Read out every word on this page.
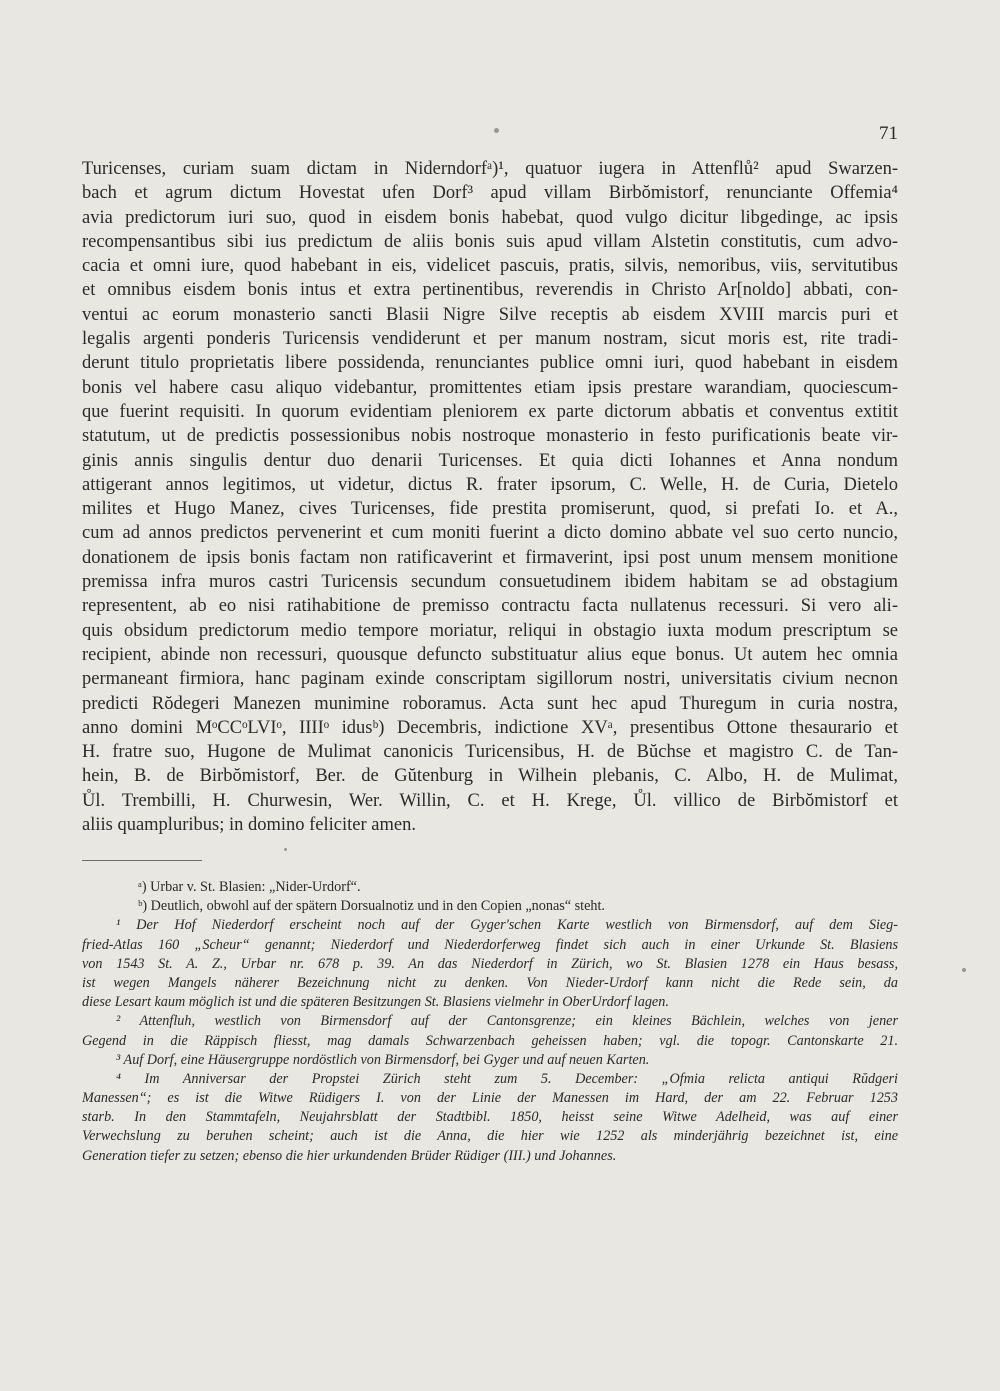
71
Turicenses, curiam suam dictam in Niderndorfᵃ)¹, quatuor iugera in Attenflů² apud Swarzen-
bach et agrum dictum Hovestat ufen Dorf³ apud villam Birbŏmistorf, renunciante Offemia⁴
avia predictorum iuri suo, quod in eisdem bonis habebat, quod vulgo dicitur libgedinge, ac ipsis
recompensantibus sibi ius predictum de aliis bonis suis apud villam Alstetin constitutis, cum advo-
cacia et omni iure, quod habebant in eis, videlicet pascuis, pratis, silvis, nemoribus, viis, servitutibus
et omnibus eisdem bonis intus et extra pertinentibus, reverendis in Christo Ar[noldo] abbati, con-
ventui ac eorum monasterio sancti Blasii Nigre Silve receptis ab eisdem XVIII marcis puri et
legalis argenti ponderis Turicensis vendiderunt et per manum nostram, sicut moris est, rite tradi-
derunt titulo proprietatis libere possidenda, renunciantes publice omni iuri, quod habebant in eisdem
bonis vel habere casu aliquo videbantur, promittentes etiam ipsis prestare warandiam, quociescum-
que fuerint requisiti. In quorum evidentiam pleniorem ex parte dictorum abbatis et conventus extitit
statutum, ut de predictis possessionibus nobis nostroque monasterio in festo purificationis beate vir-
ginis annis singulis dentur duo denarii Turicenses. Et quia dicti Iohannes et Anna nondum
attigerant annos legitimos, ut videtur, dictus R. frater ipsorum, C. Welle, H. de Curia, Dietelo
milites et Hugo Manez, cives Turicenses, fide prestita promiserunt, quod, si prefati Io. et A.,
cum ad annos predictos pervenerint et cum moniti fuerint a dicto domino abbate vel suo certo nuncio,
donationem de ipsis bonis factam non ratificaverint et firmaverint, ipsi post unum mensem monitione
premissa infra muros castri Turicensis secundum consuetudinem ibidem habitam se ad obstagium
representent, ab eo nisi ratihabitione de premisso contractu facta nullatenus recessuri. Si vero ali-
quis obsidum predictorum medio tempore moriatur, reliqui in obstagio iuxta modum prescriptum se
recipient, abinde non recessuri, quousque defuncto substituatur alius eque bonus. Ut autem hec omnia
permaneant firmiora, hanc paginam exinde conscriptam sigillorum nostri, universitatis civium necnon
predicti Rŏdegeri Manezen munimine roboramus. Acta sunt hec apud Thuregum in curia nostra,
anno domini MᵒCCᵒLVIᵒ, IIIIᵒ idusᵇ) Decembris, indictione XVᵃ, presentibus Ottone thesaurario et
H. fratre suo, Hugone de Mulimat canonicis Turicensibus, H. de Bŭchse et magistro C. de Tan-
hein, B. de Birbŏmistorf, Ber. de Gŭtenburg in Wilhein plebanis, C. Albo, H. de Mulimat,
Ůl. Trembilli, H. Churwesin, Wer. Willin, C. et H. Krege, Ůl. villico de Birbŏmistorf et
aliis quampluribus; in domino feliciter amen.
ᵃ) Urbar v. St. Blasien: „Nider-Urdorf“.
ᵇ) Deutlich, obwohl auf der spätern Dorsualnotiz und in den Copien „nonas“ steht.
¹ Der Hof Niederdorf erscheint noch auf der Gyger'schen Karte westlich von Birmensdorf, auf dem Sieg-
fried-Atlas 160 „Scheur“ genannt; Niederdorf und Niederdorferweg findet sich auch in einer Urkunde St. Blasiens
von 1543 St. A. Z., Urbar nr. 678 p. 39. An das Niederdorf in Zürich, wo St. Blasien 1278 ein Haus besass,
ist wegen Mangels näherer Bezeichnung nicht zu denken. Von Nieder-Urdorf kann nicht die Rede sein, da
diese Lesart kaum möglich ist und die späteren Besitzungen St. Blasiens vielmehr in OberUrdorf lagen.
² Attenfluh, westlich von Birmensdorf auf der Cantonsgrenze; ein kleines Bächlein, welches von jener
Gegend in die Räppisch fliesst, mag damals Schwarzenbach geheissen haben; vgl. die topogr. Cantonskarte 21.
³ Auf Dorf, eine Häusergruppe nordöstlich von Birmensdorf, bei Gyger und auf neuen Karten.
⁴ Im Anniversar der Propstei Zürich steht zum 5. December: „Ofmia relicta antiqui Rŭdgeri
Manessen“; es ist die Witwe Rüdigers I. von der Linie der Manessen im Hard, der am 22. Februar 1253
starb. In den Stammtafeln, Neujahrsblatt der Stadtbibl. 1850, heisst seine Witwe Adelheid, was auf einer
Verwechslung zu beruhen scheint; auch ist die Anna, die hier wie 1252 als minderjährig bezeichnet ist, eine
Generation tiefer zu setzen; ebenso die hier urkundenden Brüder Rüdiger (III.) und Johannes.
